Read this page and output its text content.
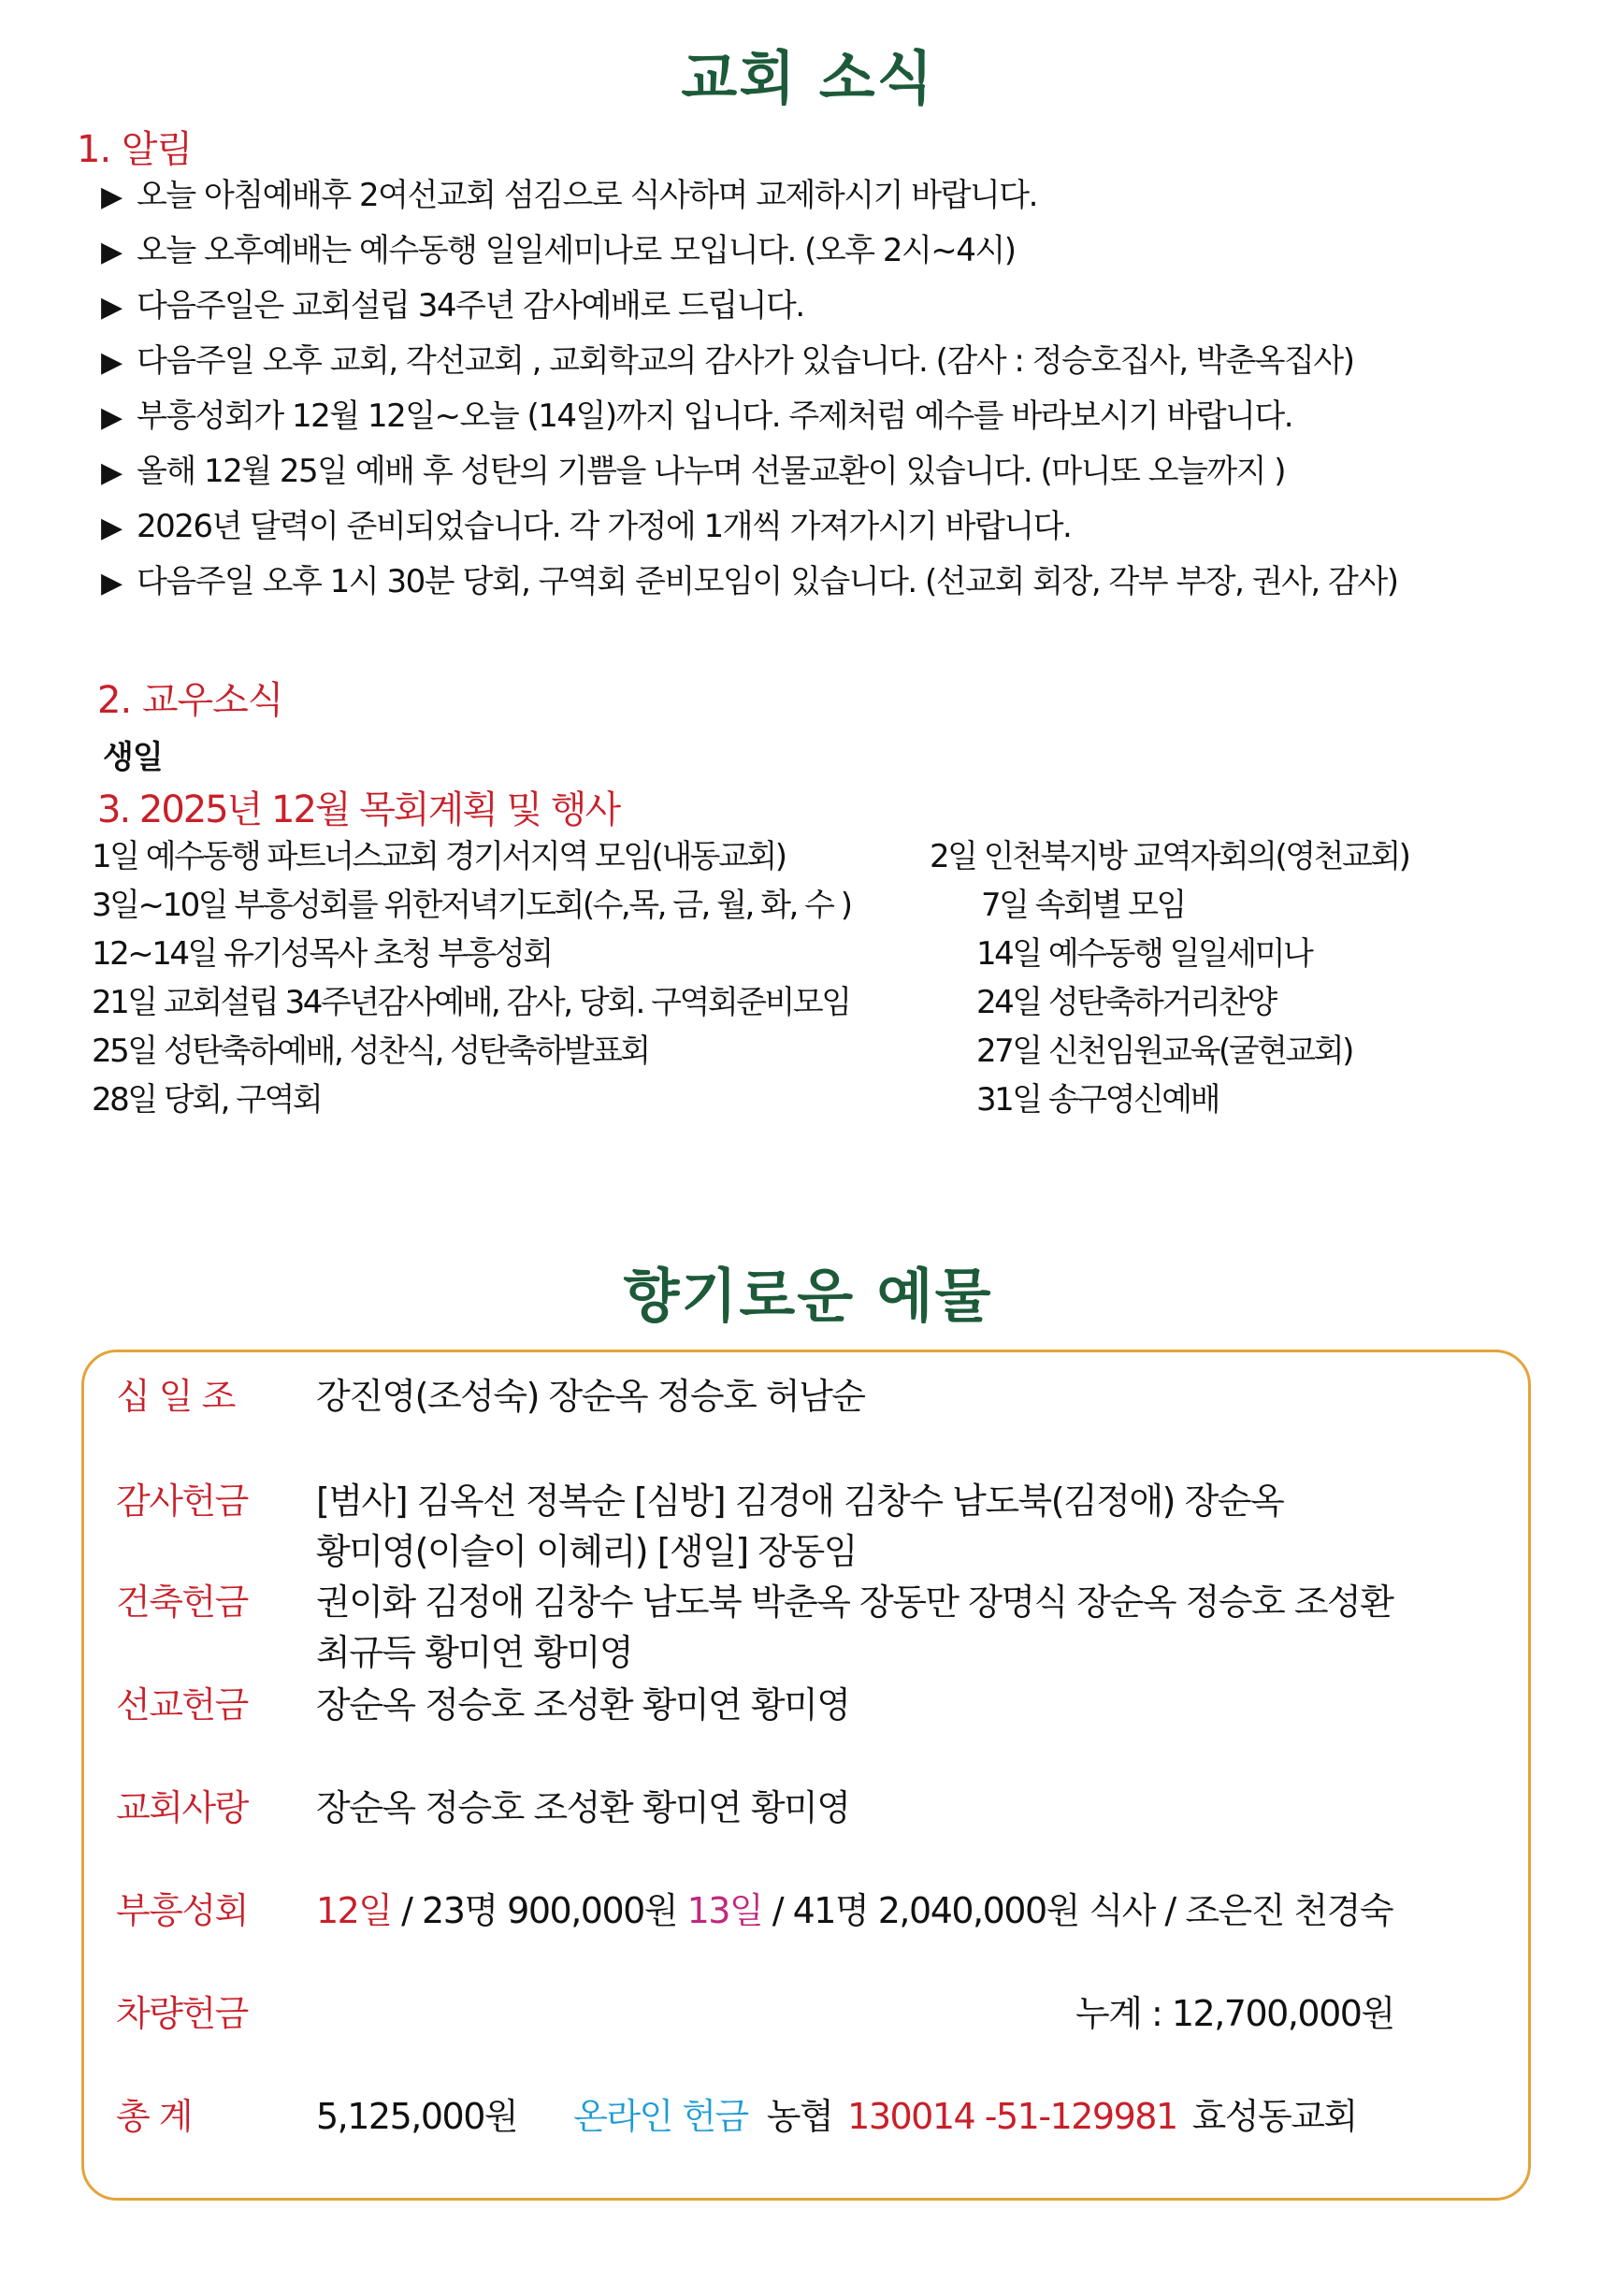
교회 소식
1. 알림
▶ 오늘 아침예배후 2여선교회 섬김으로 식사하며 교제하시기 바랍니다.
▶ 오늘 오후예배는 예수동행 일일세미나로 모입니다. (오후 2시~4시)
▶ 다음주일은 교회설립 34주년 감사예배로 드립니다.
▶ 다음주일 오후 교회, 각선교회 , 교회학교의 감사가 있습니다. (감사 : 정승호집사, 박춘옥집사)
▶ 부흥성회가 12월 12일~오늘 (14일)까지 입니다. 주제처럼 예수를 바라보시기 바랍니다.
▶ 올해 12월 25일 예배 후 성탄의 기쁨을 나누며 선물교환이 있습니다. (마니또 오늘까지 )
▶ 2026년 달력이 준비되었습니다. 각 가정에 1개씩 가져가시기 바랍니다.
▶ 다음주일 오후 1시 30분 당회, 구역회 준비모임이 있습니다. (선교회 회장, 각부 부장, 권사, 감사)
2. 교우소식
생일
3. 2025년 12월 목회계획 및 행사
1일 예수동행 파트너스교회 경기서지역 모임(내동교회)	2일 인천북지방 교역자회의(영천교회)
3일~10일 부흥성회를 위한저녁기도회(수,목, 금, 월, 화, 수 )	7일 속회별 모임
12~14일 유기성목사 초청 부흥성회	14일 예수동행 일일세미나
21일 교회설립 34주년감사예배, 감사, 당회. 구역회준비모임	24일 성탄축하거리찬양
25일 성탄축하예배, 성찬식, 성탄축하발표회	27일 신천임원교육(굴현교회)
28일 당회, 구역회	31일 송구영신예배
향기로운 예물
십 일 조	강진영(조성숙) 장순옥 정승호 허남순
감사헌금	[범사] 김옥선 정복순 [심방] 김경애 김창수 남도북(김정애) 장순옥
황미영(이슬이 이혜리) [생일] 장동임
건축헌금	권이화 김정애 김창수 남도북 박춘옥 장동만 장명식 장순옥 정승호 조성환
최규득 황미연 황미영
선교헌금	장순옥 정승호 조성환 황미연 황미영
교회사랑	장순옥 정승호 조성환 황미연 황미영
부흥성회	12일 / 23명 900,000원 13일 / 41명 2,040,000원 식사 / 조은진 천경숙
차량헌금	누계 : 12,700,000원
총 계	5,125,000원 온라인 헌금 농협 130014 -51-129981 효성동교회
